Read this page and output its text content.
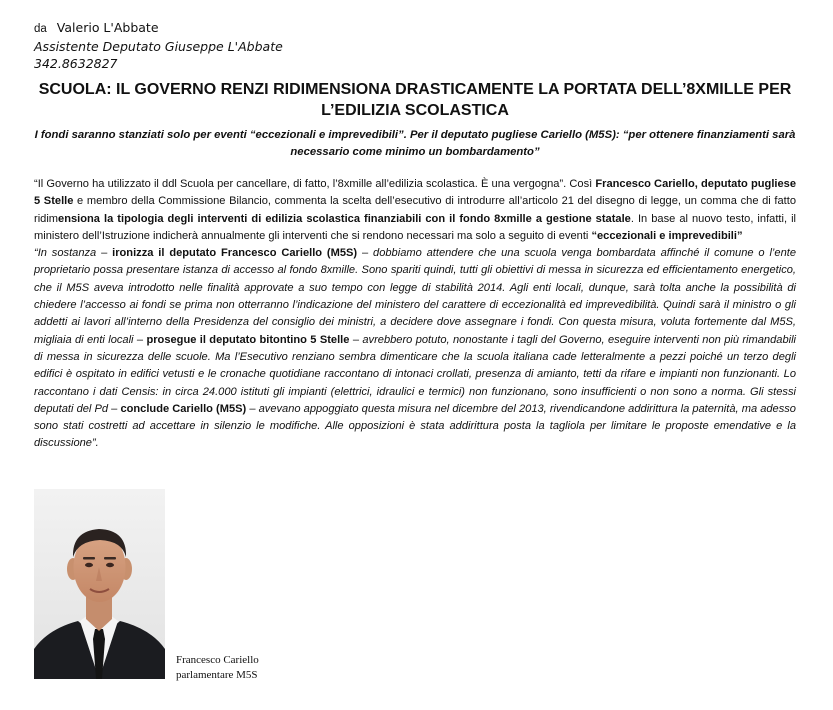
da Valerio L'Abbate
Assistente Deputato Giuseppe L'Abbate
342.8632827
SCUOLA: IL GOVERNO RENZI RIDIMENSIONA DRASTICAMENTE LA PORTATA DELL’8XMILLE PER L’EDILIZIA SCOLASTICA
I fondi saranno stanziati solo per eventi “eccezionali e imprevedibili”. Per il deputato pugliese Cariello (M5S): “per ottenere finanziamenti sarà necessario come minimo un bombardamento”

“Il Governo ha utilizzato il ddl Scuola per cancellare, di fatto, l’8xmille all’edilizia scolastica. È una vergogna”. Così Francesco Cariello, deputato pugliese 5 Stelle e membro della Commissione Bilancio, commenta la scelta dell’esecutivo di introdurre all’articolo 21 del disegno di legge, un comma che di fatto ridimensiona la tipologia degli interventi di edilizia scolastica finanziabili con il fondo 8xmille a gestione statale. In base al nuovo testo, infatti, il ministero dell’Istruzione indicherà annualmente gli interventi che si rendono necessari ma solo a seguito di eventi “eccezionali e imprevedibili”

“In sostanza – ironizza il deputato Francesco Cariello (M5S) – dobbiamo attendere che una scuola venga bombardata affinché il comune o l’ente proprietario possa presentare istanza di accesso al fondo 8xmille. Sono spariti quindi, tutti gli obiettivi di messa in sicurezza ed efficientamento energetico, che il M5S aveva introdotto nelle finalità approvate a suo tempo con legge di stabilità 2014. Agli enti locali, dunque, sarà tolta anche la possibilità di chiedere l’accesso ai fondi se prima non otterranno l’indicazione del ministero del carattere di eccezionalità ed imprevedibilità. Quindi sarà il ministro o gli addetti ai lavori all’interno della Presidenza del consiglio dei ministri, a decidere dove assegnare i fondi. Con questa misura, voluta fortemente dal M5S, migliaia di enti locali – prosegue il deputato bitontino 5 Stelle – avrebbero potuto, nonostante i tagli del Governo, eseguire interventi non più rimandabili di messa in sicurezza delle scuole. Ma l’Esecutivo renziano sembra dimenticare che la scuola italiana cade letteralmente a pezzi poiché un terzo degli edifici è ospitato in edifici vetusti e le cronache quotidiane raccontano di intonaci crollati, presenza di amianto, tetti da rifare e impianti non funzionanti. Lo raccontano i dati Censis: in circa 24.000 istituti gli impianti (elettrici, idraulici e termici) non funzionano, sono insufficienti o non sono a norma. Gli stessi deputati del Pd – conclude Cariello (M5S) – avevano appoggiato questa misura nel dicembre del 2013, rivendicandone addirittura la paternità, ma adesso sono stati costretti ad accettare in silenzio le modifiche. Alle opposizioni è stata addirittura posta la tagliola per limitare le proposte emendative e la discussione”.

Francesco Cariello
parlamentare M5S
